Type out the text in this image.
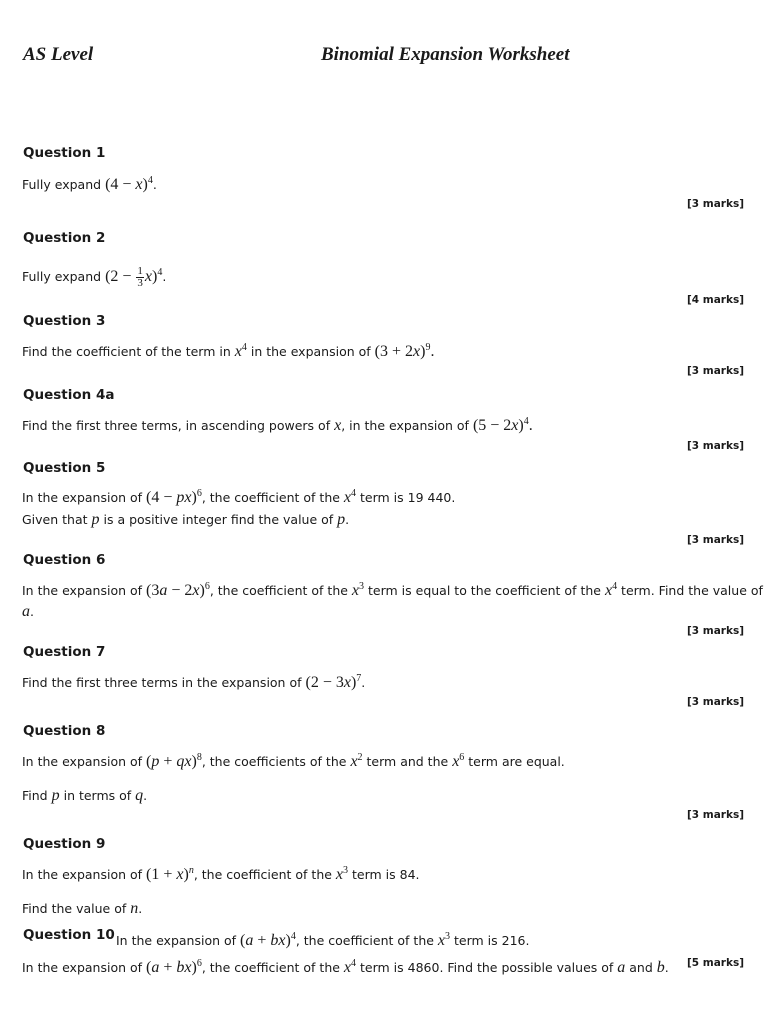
AS Level	Binomial Expansion Worksheet
Question 1
Fully expand $(4 - x)^4$.
[3 marks]
Question 2
Fully expand $(2 - \frac{1}{3} x)^4$.
[4 marks]
Question 3
Find the coefficient of the term in $x^4$ in the expansion of $(3 + 2x)^9$.
[3 marks]
Question 4a
Find the first three terms, in ascending powers of x, in the expansion of $(5 - 2x)^4$.
[3 marks]
Question 5
In the expansion of (4 − px)$^6$, the coefficient of the $x^4$ term is 19 440.
Given that p is a positive integer find the value of p.
[3 marks]
Question 6
In the expansion of $(3a - 2x)^6$, the coefficient of the $x^3$ term is equal to the coefficient of the $x^4$ term. Find the value of
a.
[3 marks]
Question 7
Find the first three terms in the expansion of $(2 - 3x)^7$.
[3 marks]
Question 8
In the expansion of (p + qx)$^8$, the coefficients of the $x^2$ term and the $x^6$ term are equal.
Find p in terms of q.
[3 marks]
Question 9
In the expansion of $(1 + x)^n$, the coefficient of the $x^3$ term is 84.
Find the value of n.
Question 10 In the expansion of (a + bx)$^4$, the coefficient of the $x^3$ term is 216.
In the expansion of (a + bx)$^6$, the coefficient of the $x^4$ term is 4860. Find the possible values of a and b. [5 marks]
